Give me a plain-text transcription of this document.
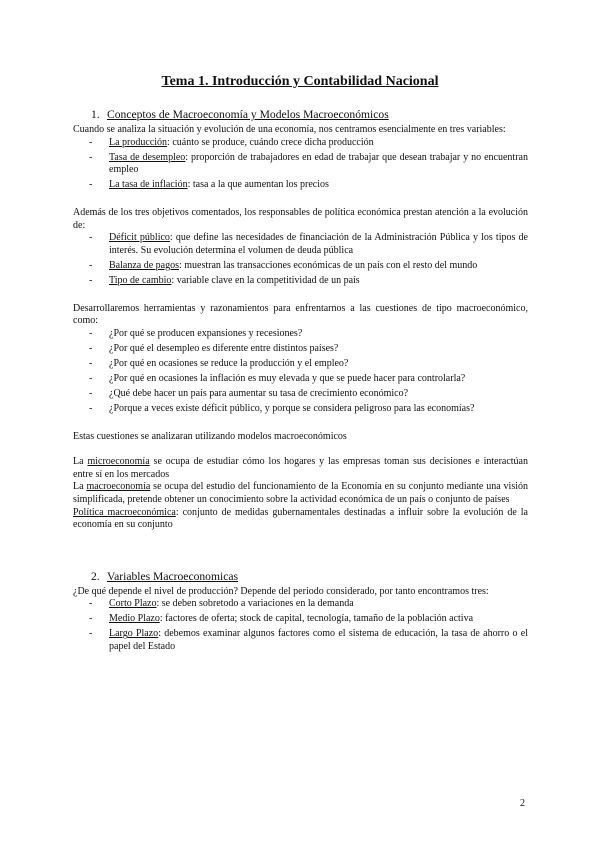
Tema 1. Introducción y Contabilidad Nacional
1. Conceptos de Macroeconomía y Modelos Macroeconómicos

Cuando se analiza la situación y evolución de una economía, nos centramos esencialmente en tres variables:

- La producción: cuánto se produce, cuándo crece dicha producción
- Tasa de desempleo: proporción de trabajadores en edad de trabajar que desean trabajar y no encuentran empleo
- La tasa de inflación: tasa a la que aumentan los precios

Además de los tres objetivos comentados, los responsables de política económica prestan atención a la evolución de:

- Déficit público: que define las necesidades de financiación de la Administración Pública y los tipos de interés. Su evolución determina el volumen de deuda pública
- Balanza de pagos: muestran las transacciones económicas de un país con el resto del mundo
- Tipo de cambio: variable clave en la competitividad de un país

Desarrollaremos herramientas y razonamientos para enfrentarnos a las cuestiones de tipo macroeconómico, como:

- ¿Por qué se producen expansiones y recesiones?
- ¿Por qué el desempleo es diferente entre distintos países?
- ¿Por qué en ocasiones se reduce la producción y el empleo?
- ¿Por qué en ocasiones la inflación es muy elevada y que se puede hacer para controlarla?
- ¿Qué debe hacer un país para aumentar su tasa de crecimiento económico?
- ¿Porque a veces existe déficit público, y porque se considera peligroso para las economías?

Estas cuestiones se analizaran utilizando modelos macroeconómicos

La microeconomía se ocupa de estudiar cómo los hogares y las empresas toman sus decisiones e interactúan entre sí en los mercados

La macroeconomía se ocupa del estudio del funcionamiento de la Economía en su conjunto mediante una visión simplificada, pretende obtener un conocimiento sobre la actividad económica de un país o conjunto de países

Política macroeconómica: conjunto de medidas gubernamentales destinadas a influir sobre la evolución de la economía en su conjunto

2. Variables Macroeconomicas

¿De qué depende el nivel de producción? Depende del periodo considerado, por tanto encontramos tres:

- Corto Plazo: se deben sobretodo a variaciones en la demanda
- Medio Plazo: factores de oferta; stock de capital, tecnología, tamaño de la población activa
- Largo Plazo: debemos examinar algunos factores como el sistema de educación, la tasa de ahorro o el papel del Estado
2
